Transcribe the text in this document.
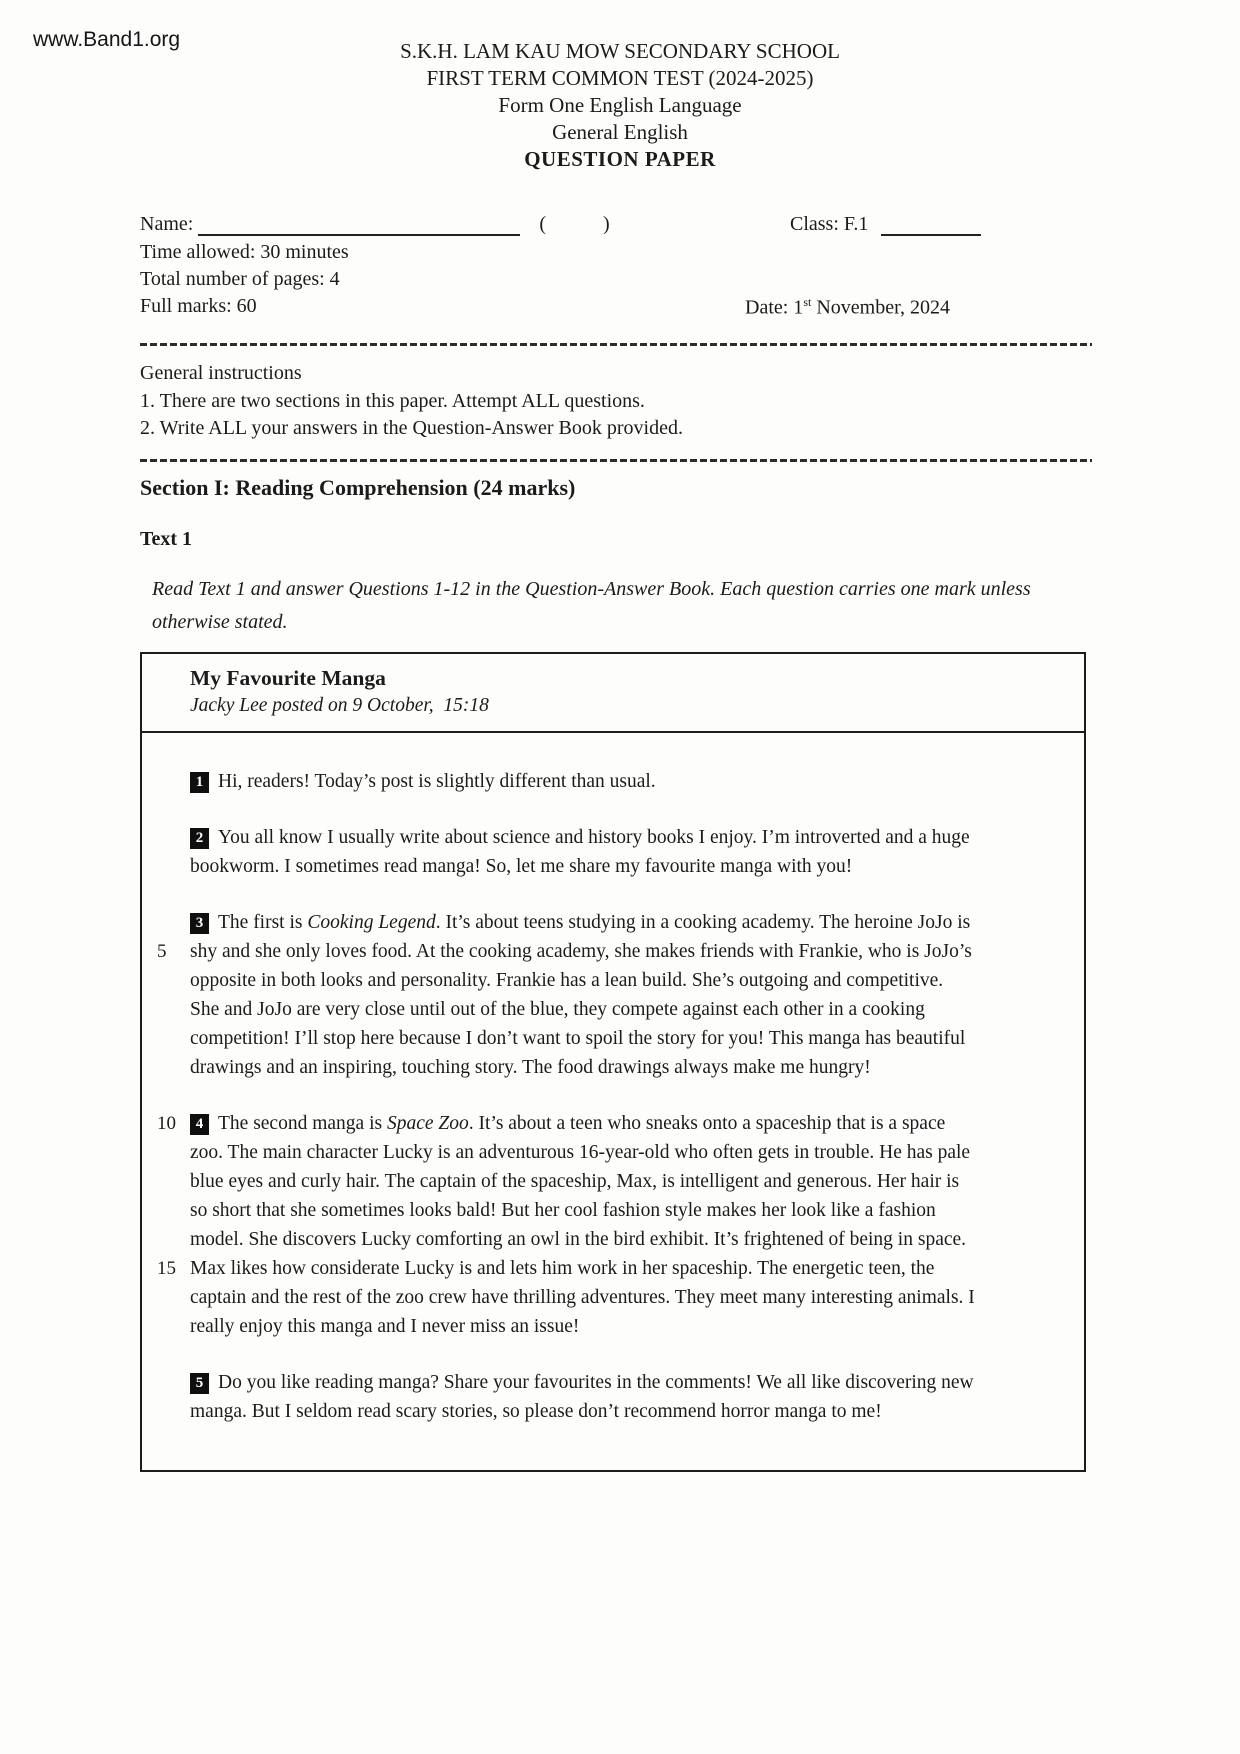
www.Band1.org	S.K.H. LAM KAU MOW SECONDARY SCHOOL
FIRST TERM COMMON TEST (2024-2025)
Form One English Language
General English
QUESTION PAPER
Name:	(	)	Class: F.1
Time allowed: 30 minutes
Total number of pages: 4
Full marks: 60	Date: 1st November, 2024
General instructions
1. There are two sections in this paper. Attempt ALL questions.
2. Write ALL your answers in the Question-Answer Book provided.
Section I: Reading Comprehension (24 marks)
Text 1
Read Text 1 and answer Questions 1-12 in the Question-Answer Book. Each question carries one mark unless
otherwise stated.
My Favourite Manga
Jacky Lee posted on 9 October,  15:18
1 Hi, readers! Today’s post is slightly different than usual.
2 You all know I usually write about science and history books I enjoy. I’m introverted and a huge
bookworm. I sometimes read manga! So, let me share my favourite manga with you!
3 The first is Cooking Legend. It’s about teens studying in a cooking academy. The heroine JoJo is
5	shy and she only loves food. At the cooking academy, she makes friends with Frankie, who is JoJo’s
opposite in both looks and personality. Frankie has a lean build. She’s outgoing and competitive.
She and JoJo are very close until out of the blue, they compete against each other in a cooking
competition! I’ll stop here because I don’t want to spoil the story for you! This manga has beautiful
drawings and an inspiring, touching story. The food drawings always make me hungry!
10	4 The second manga is Space Zoo. It’s about a teen who sneaks onto a spaceship that is a space
zoo. The main character Lucky is an adventurous 16-year-old who often gets in trouble. He has pale
blue eyes and curly hair. The captain of the spaceship, Max, is intelligent and generous. Her hair is
so short that she sometimes looks bald! But her cool fashion style makes her look like a fashion
model. She discovers Lucky comforting an owl in the bird exhibit. It’s frightened of being in space.
15 Max likes how considerate Lucky is and lets him work in her spaceship. The energetic teen, the
captain and the rest of the zoo crew have thrilling adventures. They meet many interesting animals. I
really enjoy this manga and I never miss an issue!
5 Do you like reading manga? Share your favourites in the comments! We all like discovering new
manga. But I seldom read scary stories, so please don’t recommend horror manga to me!
